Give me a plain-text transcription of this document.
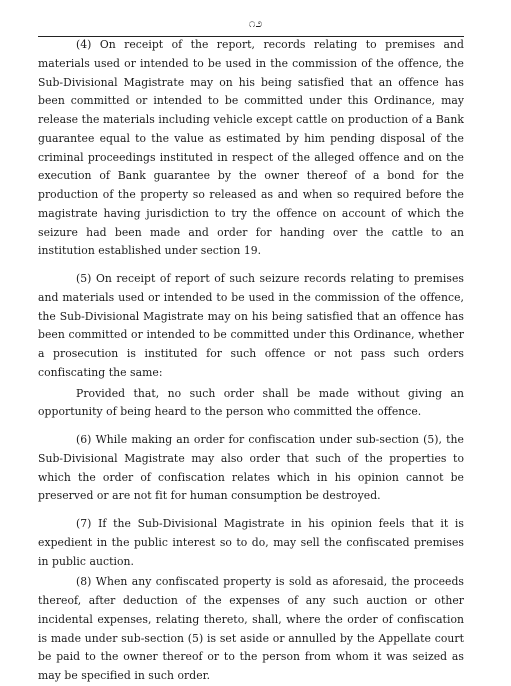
೧೨

(4) On receipt of the report, records relating to premises and materials used or intended to be used in the commission of the offence, the Sub-Divisional Magistrate may on his being satisfied that an offence has been committed or intended to be committed under this Ordinance, may release the materials including vehicle except cattle on production of a Bank guarantee equal to the value as estimated by him pending disposal of the criminal proceedings instituted in respect of the alleged offence and on the execution of Bank guarantee by the owner thereof of a bond for the production of the property so released as and when so required before the magistrate having jurisdiction to try the offence on account of which the seizure had been made and order for handing over the cattle to an institution established under section 19.

(5) On receipt of report of such seizure records relating to premises and materials used or intended to be used in the commission of the offence, the Sub-Divisional Magistrate may on his being satisfied that an offence has been committed or intended to be committed under this Ordinance, whether a prosecution is instituted for such offence or not pass such orders confiscating the same:

Provided that, no such order shall be made without giving an opportunity of being heard to the person who committed the offence.

(6) While making an order for confiscation under sub-section (5), the Sub-Divisional Magistrate may also order that such of the properties to which the order of confiscation relates which in his opinion cannot be preserved or are not fit for human consumption be destroyed.

(7) If the Sub-Divisional Magistrate in his opinion feels that it is expedient in the public interest so to do, may sell the confiscated premises in public auction.

(8) When any confiscated property is sold as aforesaid, the proceeds thereof, after deduction of the expenses of any such auction or other incidental expenses, relating thereto, shall, where the order of confiscation is made under sub-section (5) is set aside or annulled by the Appellate court be paid to the owner thereof or to the person from whom it was seized as may be specified in such order.
